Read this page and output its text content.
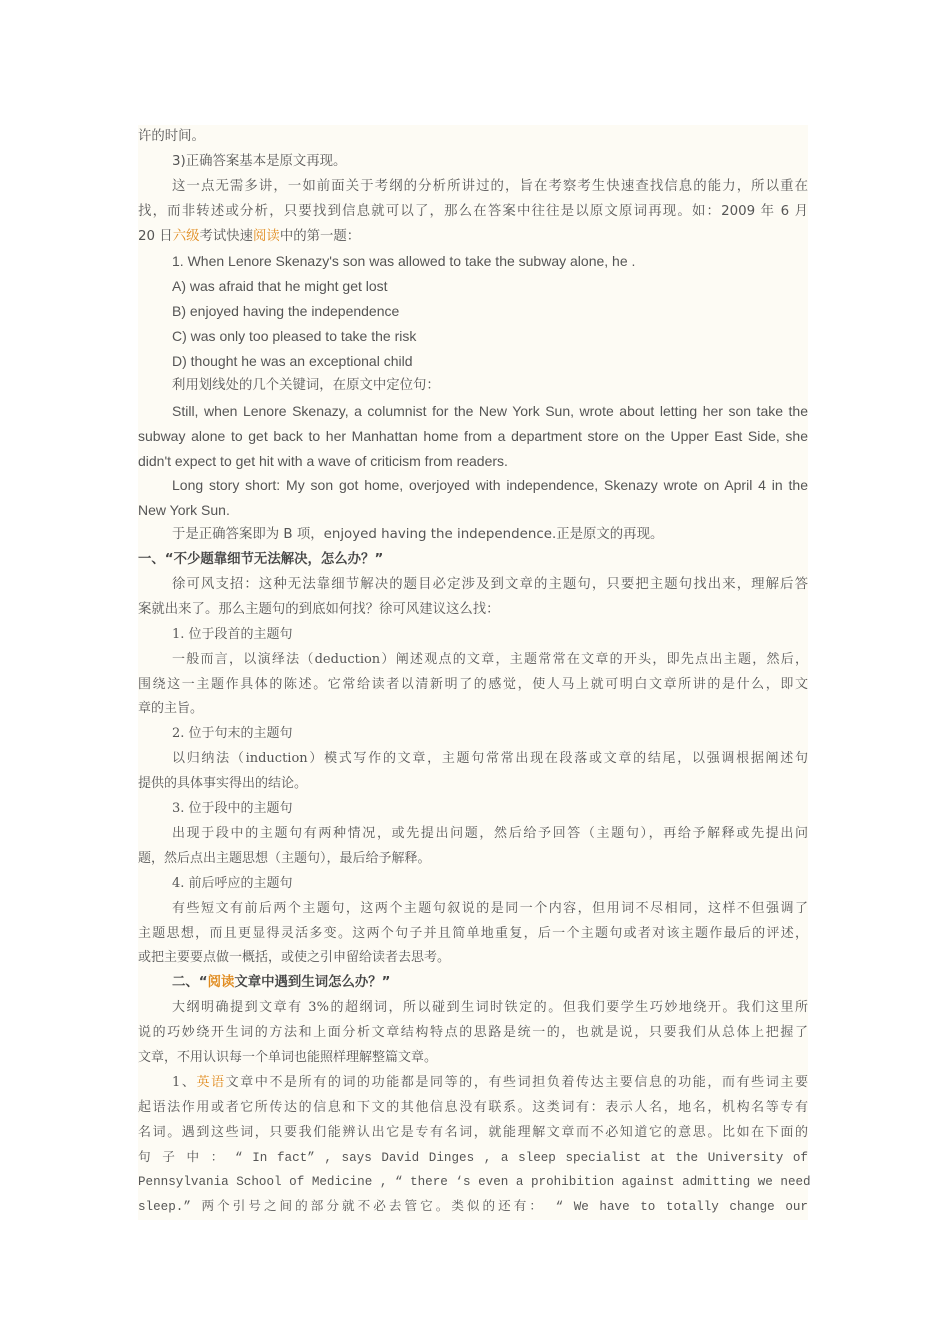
许的时间。
3)正确答案基本是原文再现。
这一点无需多讲，一如前面关于考纲的分析所讲过的，旨在考察考生快速查找信息的能力，所以重在
找，而非转述或分析，只要找到信息就可以了，那么在答案中往往是以原文原词再现。如：2009 年 6 月
20 日六级考试快速阅读中的第一题：
1. When Lenore Skenazy's son was allowed to take the subway alone, he .
A) was afraid that he might get lost
B) enjoyed having the independence
C) was only too pleased to take the risk
D) thought he was an exceptional child
利用划线处的几个关键词，在原文中定位句：
Still, when Lenore Skenazy, a columnist for the New York Sun, wrote about letting her son take the
subway alone to get back to her Manhattan home from a department store on the Upper East Side, she
didn't expect to get hit with a wave of criticism from readers.
Long story short: My son got home, overjoyed with independence, Skenazy wrote on April 4 in the
New York Sun.
于是正确答案即为 B 项，enjoyed having the independence.正是原文的再现。
一、“不少题靠细节无法解决，怎么办？”
徐可风支招：这种无法靠细节解决的题目必定涉及到文章的主题句，只要把主题句找出来，理解后答
案就出来了。那么主题句的到底如何找？徐可风建议这么找：
1. 位于段首的主题句
一般而言，以演绎法（deduction）阐述观点的文章，主题常常在文章的开头，即先点出主题，然后，
围绕这一主题作具体的陈述。它常给读者以清新明了的感觉，使人马上就可明白文章所讲的是什么，即文
章的主旨。
2. 位于句末的主题句
以归纳法（induction）模式写作的文章，主题句常常出现在段落或文章的结尾，以强调根据阐述句
提供的具体事实得出的结论。
3. 位于段中的主题句
出现于段中的主题句有两种情况，或先提出问题，然后给予回答（主题句），再给予解释或先提出问
题，然后点出主题思想（主题句），最后给予解释。
4. 前后呼应的主题句
有些短文有前后两个主题句，这两个主题句叙说的是同一个内容，但用词不尽相同，这样不但强调了
主题思想，而且更显得灵活多变。这两个句子并且简单地重复，后一个主题句或者对该主题作最后的评述，
或把主要要点做一概括，或使之引申留给读者去思考。
二、“阅读文章中遇到生词怎么办？”
大纲明确提到文章有 3%的超纲词，所以碰到生词时铁定的。但我们要学生巧妙地绕开。我们这里所
说的巧妙绕开生词的方法和上面分析文章结构特点的思路是统一的，也就是说，只要我们从总体上把握了
文章，不用认识每一个单词也能照样理解整篇文章。
1、英语文章中不是所有的词的功能都是同等的，有些词担负着传达主要信息的功能，而有些词主要
起语法作用或者它所传达的信息和下文的其他信息没有联系。这类词有：表示人名，地名，机构名等专有
名词。遇到这些词，只要我们能辨认出它是专有名词，就能理解文章而不必知道它的意思。比如在下面的
句 子 中 ： “ In fact” , says David Dinges , a sleep specialist at the University of
Pennsylvania School of Medicine , “ there ‘s even a prohibition against admitting we need
sleep.” 两个引号之间的部分就不必去管它。类似的还有： “ We have to totally change our
